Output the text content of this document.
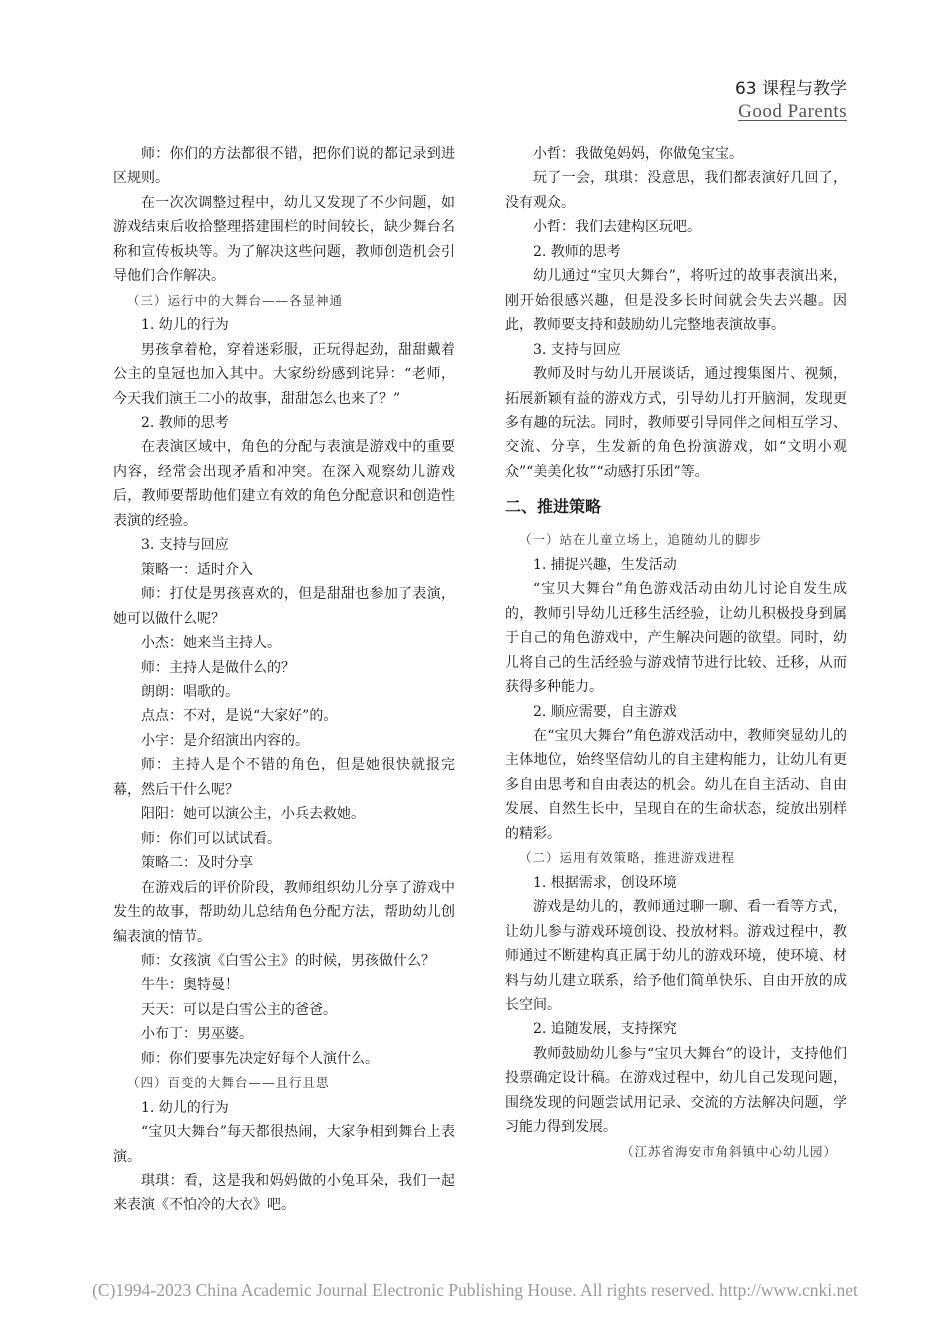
63 课程与教学
Good Parents

师：你们的方法都很不错，把你们说的都记录到进区规则。

在一次次调整过程中，幼儿又发现了不少问题，如游戏结束后收拾整理搭建围栏的时间较长，缺少舞台名称和宣传板块等。为了解决这些问题，教师创造机会引导他们合作解决。

（三）运行中的大舞台——各显神通

1. 幼儿的行为

男孩拿着枪，穿着迷彩服，正玩得起劲，甜甜戴着公主的皇冠也加入其中。大家纷纷感到诧异：“老师，今天我们演王二小的故事，甜甜怎么也来了？”

2. 教师的思考

在表演区域中，角色的分配与表演是游戏中的重要内容，经常会出现矛盾和冲突。在深入观察幼儿游戏后，教师要帮助他们建立有效的角色分配意识和创造性表演的经验。

3. 支持与回应

策略一：适时介入

师：打仗是男孩喜欢的，但是甜甜也参加了表演，她可以做什么呢？

小杰：她来当主持人。

师：主持人是做什么的？

朗朗：唱歌的。

点点：不对，是说“大家好”的。

小宇：是介绍演出内容的。

师：主持人是个不错的角色，但是她很快就报完幕，然后干什么呢？

阳阳：她可以演公主，小兵去救她。

师：你们可以试试看。

策略二：及时分享

在游戏后的评价阶段，教师组织幼儿分享了游戏中发生的故事，帮助幼儿总结角色分配方法，帮助幼儿创编表演的情节。

师：女孩演《白雪公主》的时候，男孩做什么？

牛牛：奥特曼！

天天：可以是白雪公主的爸爸。

小布丁：男巫婆。

师：你们要事先决定好每个人演什么。

（四）百变的大舞台——且行且思

1. 幼儿的行为

“宝贝大舞台”每天都很热闹，大家争相到舞台上表演。

琪琪：看，这是我和妈妈做的小兔耳朵，我们一起来表演《不怕冷的大衣》吧。

小哲：我做兔妈妈，你做兔宝宝。

玩了一会，琪琪：没意思，我们都表演好几回了，没有观众。

小哲：我们去建构区玩吧。

2. 教师的思考

幼儿通过“宝贝大舞台”，将听过的故事表演出来，刚开始很感兴趣，但是没多长时间就会失去兴趣。因此，教师要支持和鼓励幼儿完整地表演故事。

3. 支持与回应

教师及时与幼儿开展谈话，通过搜集图片、视频，拓展新颖有益的游戏方式，引导幼儿打开脑洞，发现更多有趣的玩法。同时，教师要引导同伴之间相互学习、交流、分享，生发新的角色扮演游戏，如“文明小观众”“美美化妆”“动感打乐团”等。

二、推进策略

（一）站在儿童立场上，追随幼儿的脚步

1. 捕捉兴趣，生发活动

“宝贝大舞台”角色游戏活动由幼儿讨论自发生成的，教师引导幼儿迁移生活经验，让幼儿积极投身到属于自己的角色游戏中，产生解决问题的欲望。同时，幼儿将自己的生活经验与游戏情节进行比较、迁移，从而获得多种能力。

2. 顺应需要，自主游戏

在“宝贝大舞台”角色游戏活动中，教师突显幼儿的主体地位，始终坚信幼儿的自主建构能力，让幼儿有更多自由思考和自由表达的机会。幼儿在自主活动、自由发展、自然生长中，呈现自在的生命状态，绽放出别样的精彩。

（二）运用有效策略，推进游戏进程

1. 根据需求，创设环境

游戏是幼儿的，教师通过聊一聊、看一看等方式，让幼儿参与游戏环境创设、投放材料。游戏过程中，教师通过不断建构真正属于幼儿的游戏环境，使环境、材料与幼儿建立联系，给予他们简单快乐、自由开放的成长空间。

2. 追随发展，支持探究

教师鼓励幼儿参与“宝贝大舞台”的设计，支持他们投票确定设计稿。在游戏过程中，幼儿自己发现问题，围绕发现的问题尝试用记录、交流的方法解决问题，学习能力得到发展。

（江苏省海安市角斜镇中心幼儿园）

(C)1994-2023 China Academic Journal Electronic Publishing House. All rights reserved. http://www.cnki.net
